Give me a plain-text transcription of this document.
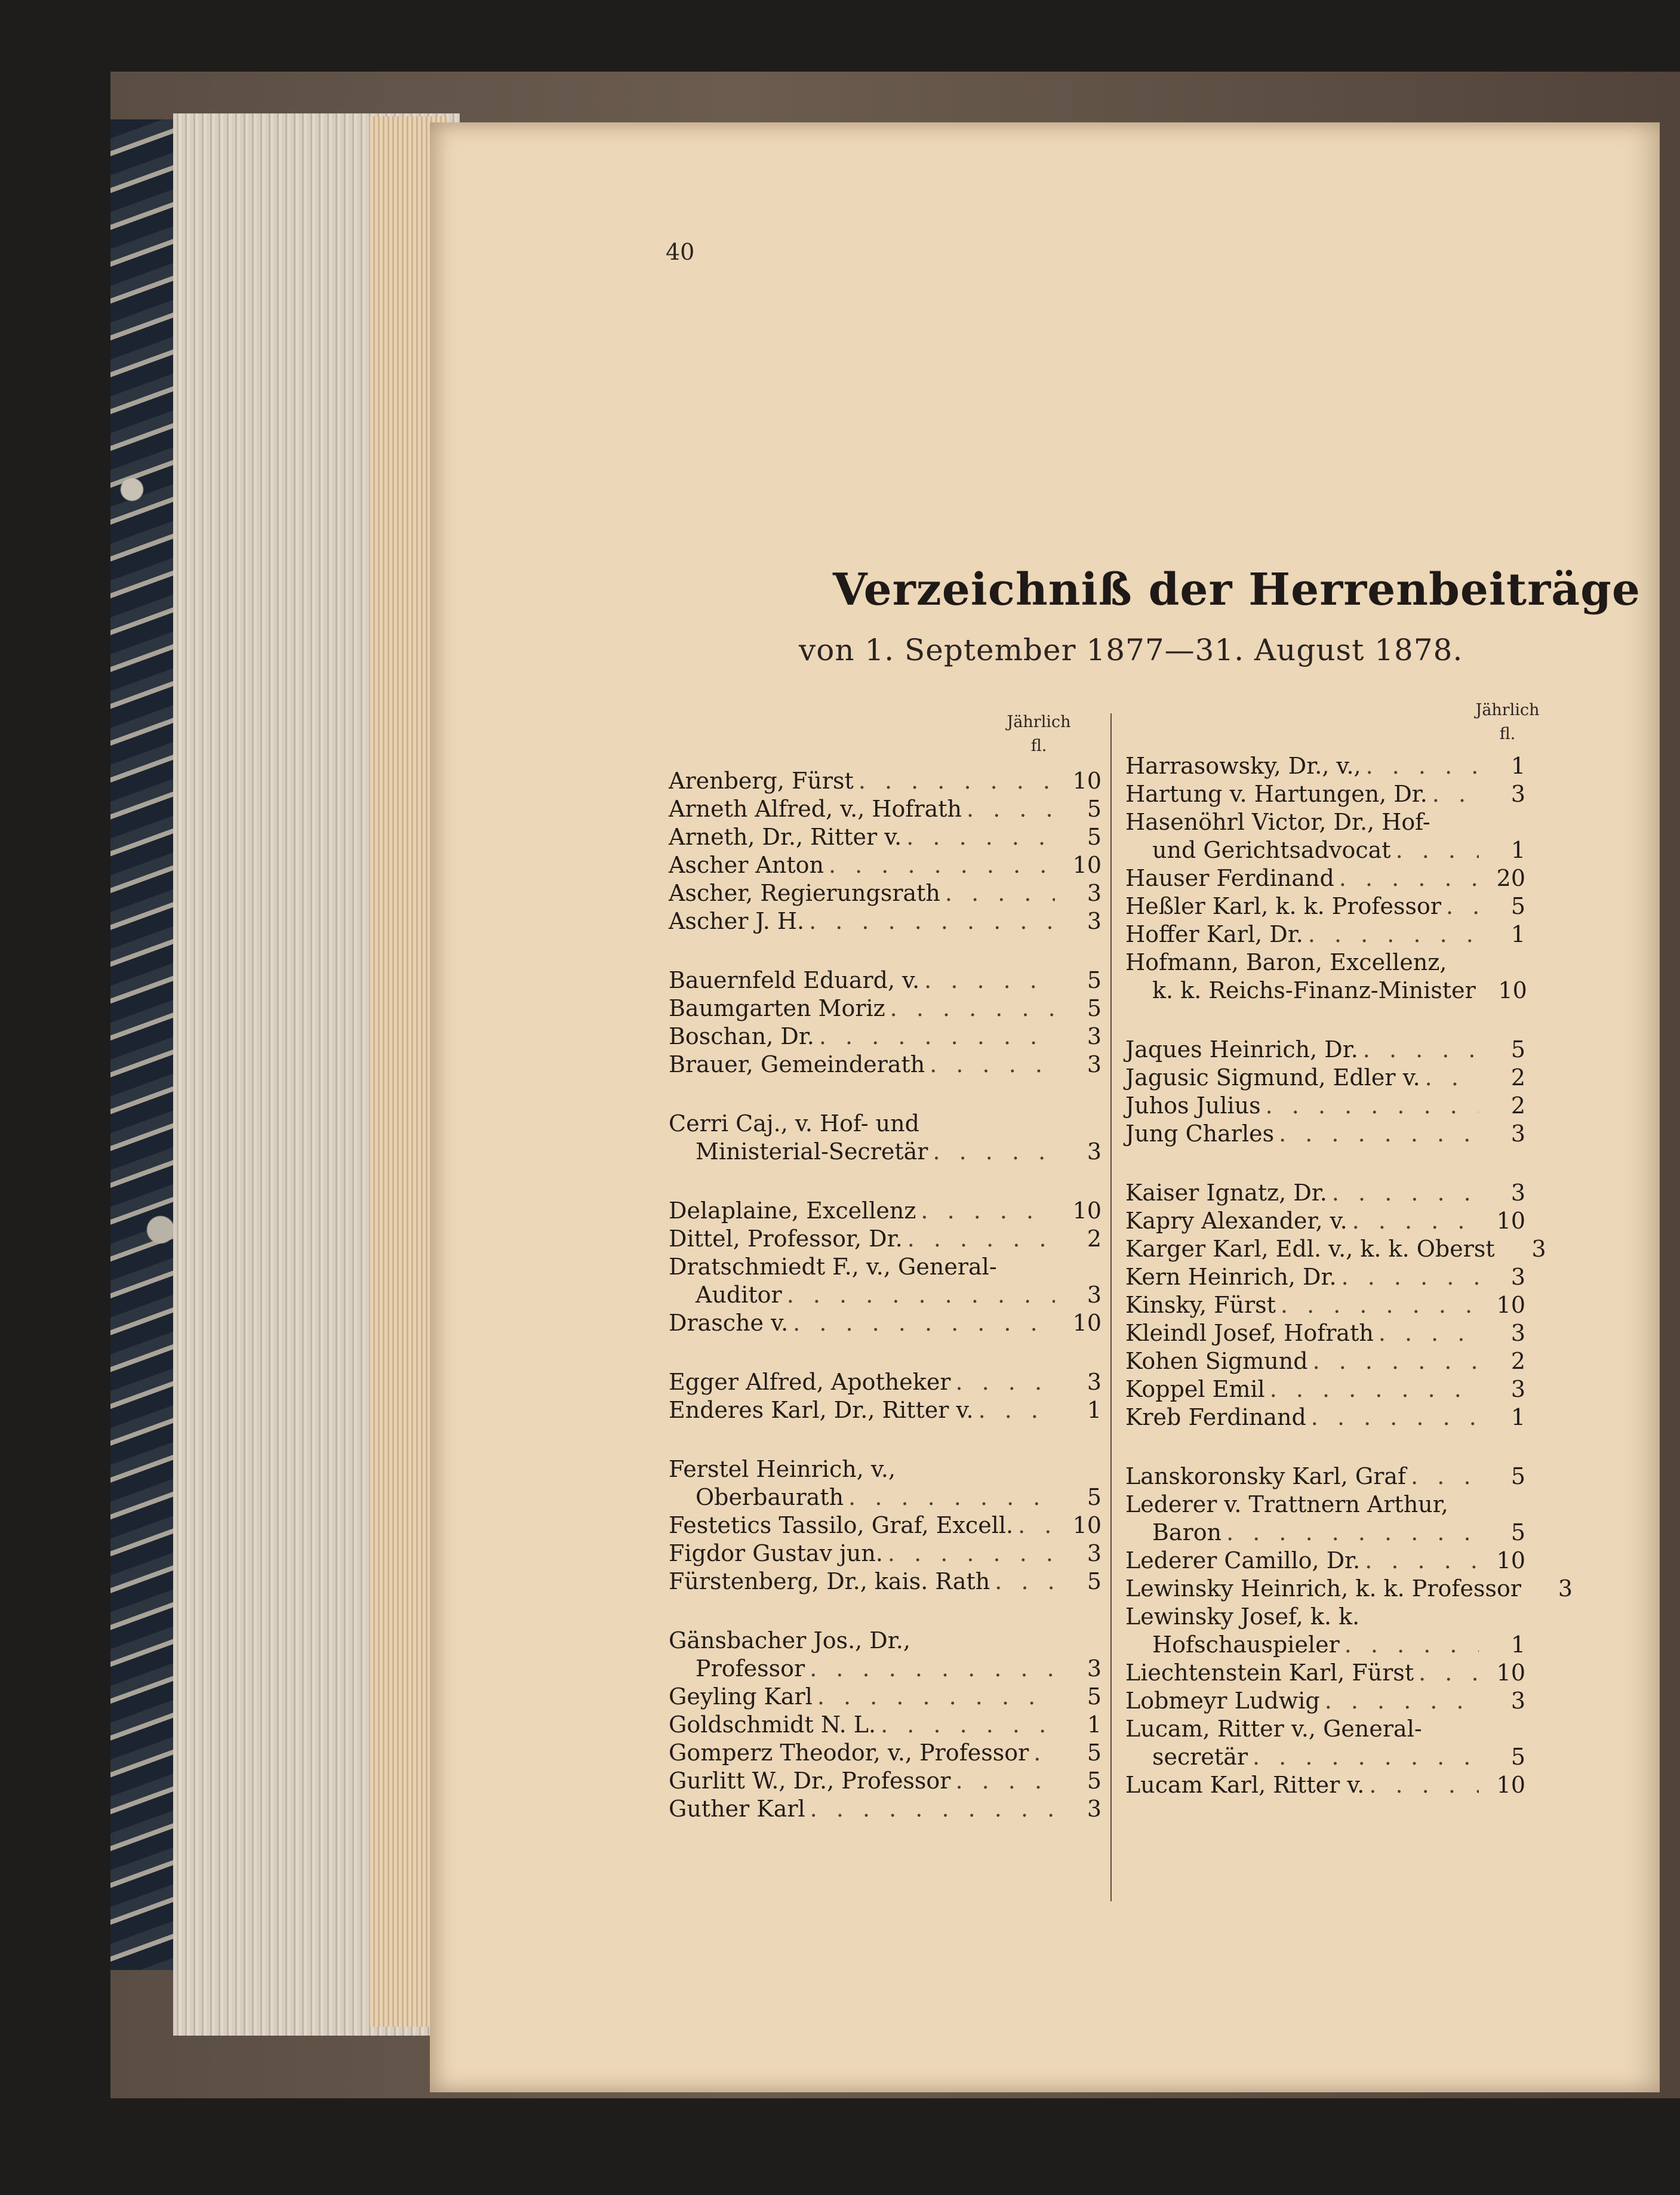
40
Verzeichniß der Herrenbeiträge
von 1. September 1877—31. August 1878.
Jährlich
fl.
Jährlich
fl.
Arenberg, Fürst . . .	10
Arneth Alfred, v., Hofrath . . .	5
Arneth, Dr., Ritter v. . . .	5
Ascher Anton . . .	10
Ascher, Regierungsrath . . .	3
Ascher J. H. . . .	3
Bauernfeld Eduard, v. . . .	5
Baumgarten Moriz . . .	5
Boschan, Dr. . . .	3
Brauer, Gemeinderath . . .	3
Cerri Caj., v. Hof- und
Ministerial-Secretär . . .	3
Delaplaine, Excellenz . . .	10
Dittel, Professor, Dr. . . .	2
Dratschmiedt F., v., General-
Auditor . . .	3
Drasche v. . . .	10
Egger Alfred, Apotheker . . .	3
Enderes Karl, Dr., Ritter v. . . .	1
Ferstel Heinrich, v.,
Oberbaurath . . .	5
Festetics Tassilo, Graf, Excell. . . .	10
Figdor Gustav jun. . . .	3
Fürstenberg, Dr., kais. Rath . . .	5
Gänsbacher Jos., Dr.,
Professor . . .	3
Geyling Karl . . .	5
Goldschmidt N. L. . . .	1
Gomperz Theodor, v., Professor . . .	5
Gurlitt W., Dr., Professor . . .	5
Guther Karl . . .	3
Harrasowsky, Dr., v., . . .	1
Hartung v. Hartungen, Dr. . . .	3
Hasenöhrl Victor, Dr., Hof-
und Gerichtsadvocat . . .	1
Hauser Ferdinand . . .	20
Heßler Karl, k. k. Professor . . .	5
Hoffer Karl, Dr. . . .	1
Hofmann, Baron, Excellenz,
k. k. Reichs-Finanz-Minister 10
Jaques Heinrich, Dr. . . .	5
Jagusic Sigmund, Edler v. . . .	2
Juhos Julius . . .	2
Jung Charles . . .	3
Kaiser Ignatz, Dr. . . .	3
Kapry Alexander, v. . . .	10
Karger Karl, Edl. v., k. k. Oberst	3
Kern Heinrich, Dr. . . .	3
Kinsky, Fürst . . .	10
Kleindl Josef, Hofrath . . .	3
Kohen Sigmund . . .	2
Koppel Emil . . .	3
Kreb Ferdinand . . .	1
Lanskoronsky Karl, Graf . . .	5
Lederer v. Trattnern Arthur,
Baron . . .	5
Lederer Camillo, Dr. . . .	10
Lewinsky Heinrich, k. k. Professor	3
Lewinsky Josef, k. k.
Hofschauspieler . . .	1
Liechtenstein Karl, Fürst . . .	10
Lobmeyr Ludwig . . .	3
Lucam, Ritter v., General-
secretär . . .	5
Lucam Karl, Ritter v. . . .	10
